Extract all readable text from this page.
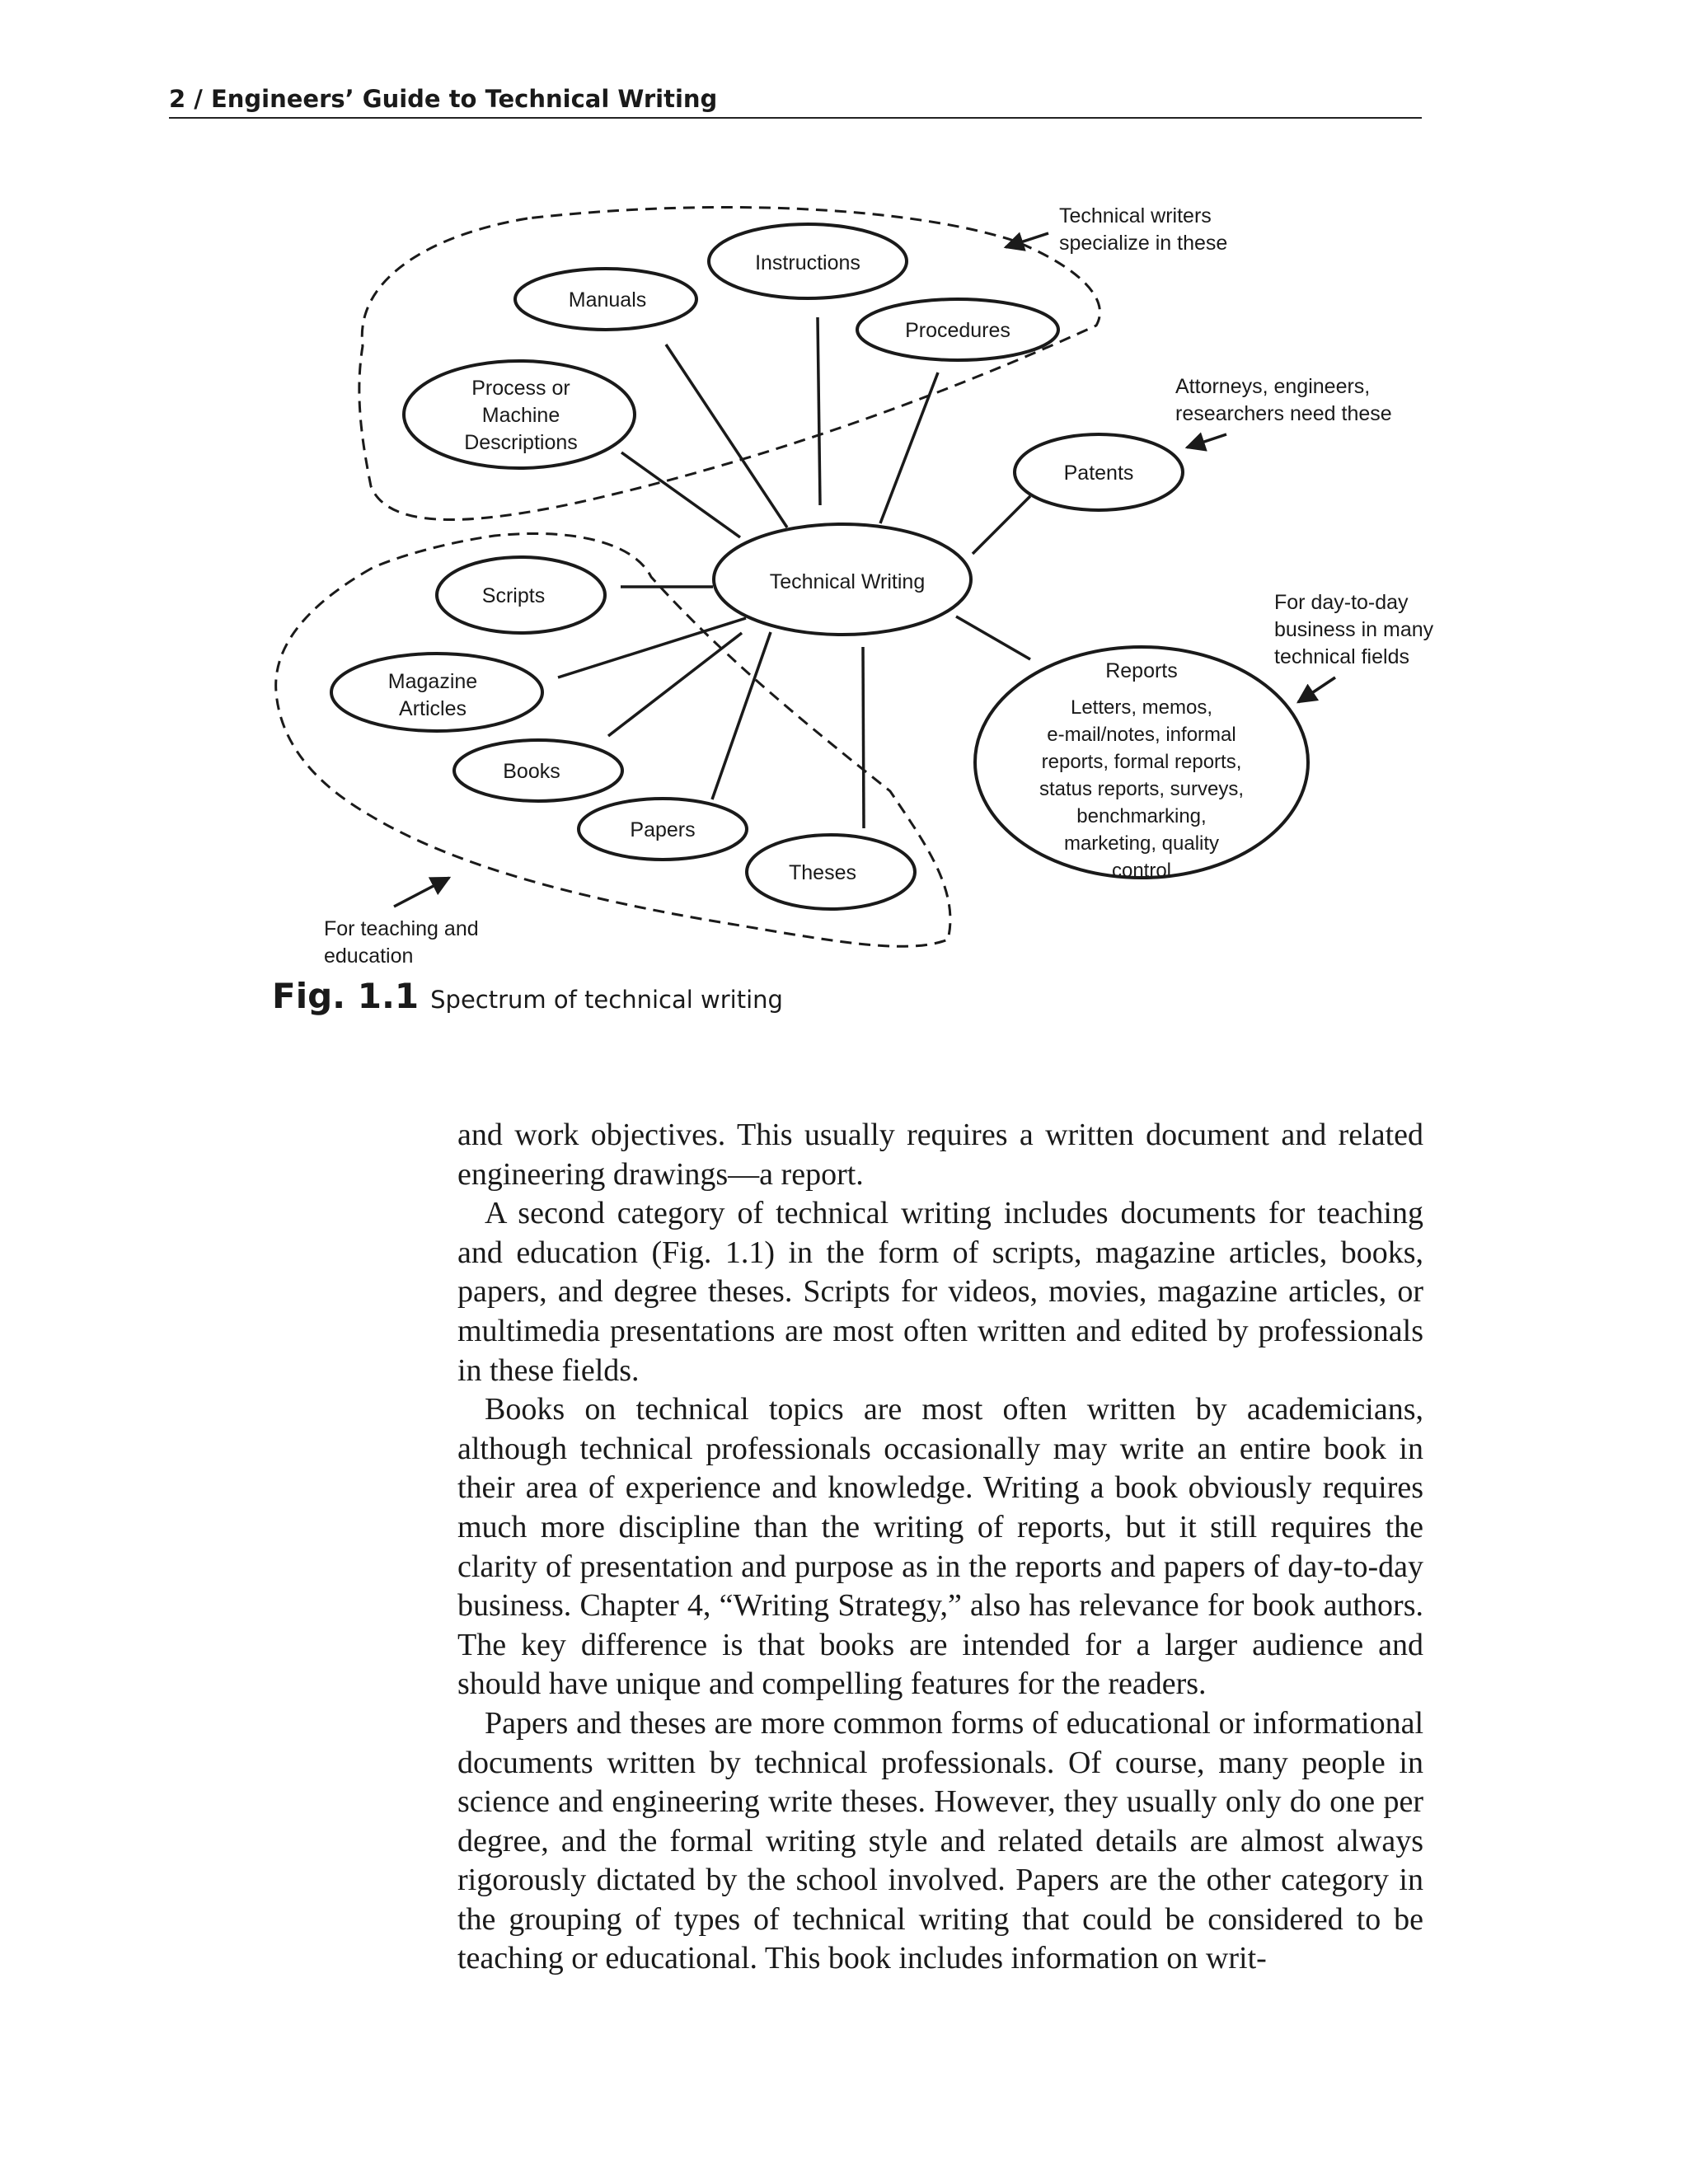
2 / Engineers’ Guide to Technical Writing
Technical Writing
Instructions
Manuals
Procedures
Process or
Machine
Descriptions
Patents
Scripts
Magazine
Articles
Books
Papers
Theses
Reports
Letters, memos,
e-mail/notes, informal
reports, formal reports,
status reports, surveys,
benchmarking,
marketing, quality
control
Technical writers
specialize in these
Attorneys, engineers,
researchers need these
For day-to-day
business in many
technical fields
For teaching and
education
Fig. 1.1 Spectrum of technical writing

and work objectives. This usually requires a written document and related engineering drawings—a report.

A second category of technical writing includes documents for teaching and education (Fig. 1.1) in the form of scripts, magazine articles, books, papers, and degree theses. Scripts for videos, movies, magazine articles, or multimedia presentations are most often written and edited by professionals in these fields.

Books on technical topics are most often written by academicians, although technical professionals occasionally may write an entire book in their area of experience and knowledge. Writing a book obviously requires much more discipline than the writing of reports, but it still requires the clarity of presentation and purpose as in the reports and papers of day-to-day business. Chapter 4, “Writing Strategy,” also has relevance for book authors. The key difference is that books are intended for a larger audience and should have unique and compelling features for the readers.

Papers and theses are more common forms of educational or informational documents written by technical professionals. Of course, many people in science and engineering write theses. However, they usually only do one per degree, and the formal writing style and related details are almost always rigorously dictated by the school involved. Papers are the other category in the grouping of types of technical writing that could be considered to be teaching or educational. This book includes information on writ-
